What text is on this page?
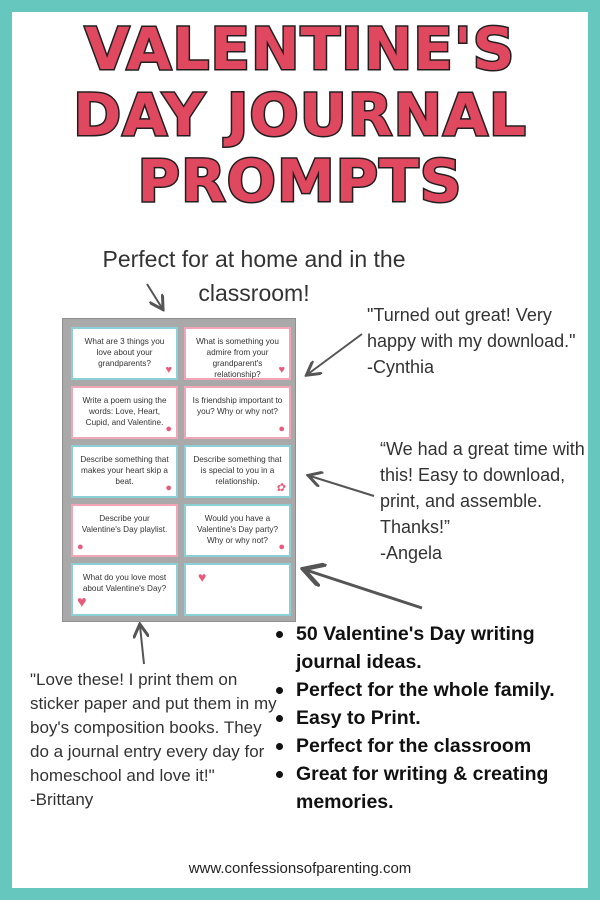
VALENTINE'S
DAY JOURNAL
PROMPTS
Perfect for at home and in the classroom!
"Turned out great! Very happy with my download."
-Cynthia
“We had a great time with this! Easy to download, print, and assemble. Thanks!”
-Angela
"Love these! I print them on sticker paper and put them in my boy's composition books. They do a journal entry every day for homeschool and love it!"
-Brittany
What are 3 things you love about your grandparents?
♥
What is something you admire from your grandparent's relationship?	♥
Write a poem using the words: Love, Heart, Cupid, and Valentine.
●
Is friendship important to you? Why or why not?
●
Describe something that makes your heart skip a beat.
●
Describe something that is special to you in a relationship.
✿
Describe your Valentine's Day playlist.
●
Would you have a Valentine's Day party? Why or why not?
●
What do you love most about Valentine's Day?
♥
♥
50 Valentine's Day writing journal ideas.
Perfect for the whole family.
Easy to Print.
Perfect for the classroom
Great for writing & creating memories.
www.confessionsofparenting.com
